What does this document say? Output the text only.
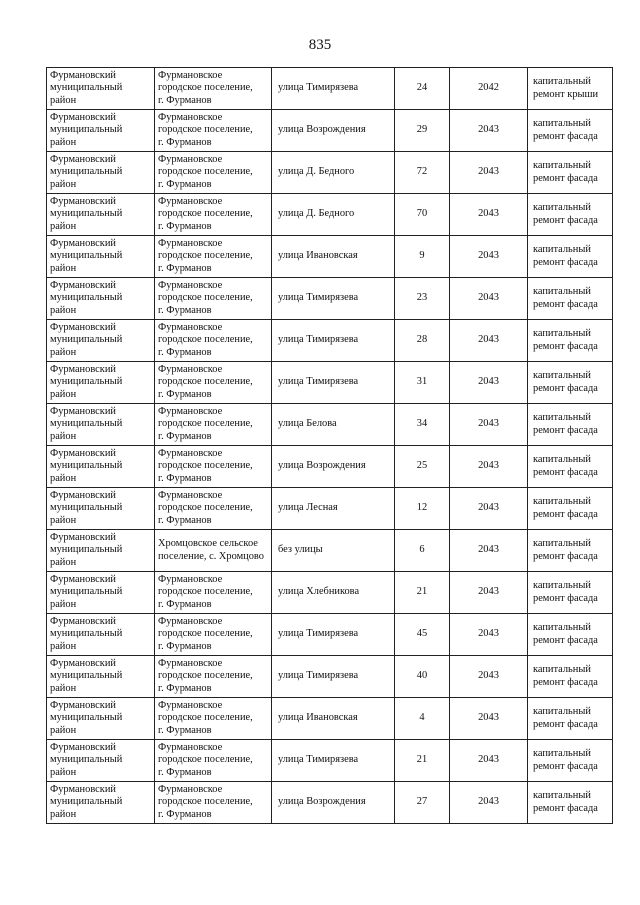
835
Фурмановский
муниципальный
район	Фурмановское
городское поселение,
г. Фурманов	улица Тимирязева	24	2042	капитальный
ремонт крыши
Фурмановский
муниципальный
район	Фурмановское
городское поселение,
г. Фурманов	улица Возрождения	29	2043	капитальный
ремонт фасада
Фурмановский
муниципальный
район	Фурмановское
городское поселение,
г. Фурманов	улица Д. Бедного	72	2043	капитальный
ремонт фасада
Фурмановский
муниципальный
район	Фурмановское
городское поселение,
г. Фурманов	улица Д. Бедного	70	2043	капитальный
ремонт фасада
Фурмановский
муниципальный
район	Фурмановское
городское поселение,
г. Фурманов	улица Ивановская	9	2043	капитальный
ремонт фасада
Фурмановский
муниципальный
район	Фурмановское
городское поселение,
г. Фурманов	улица Тимирязева	23	2043	капитальный
ремонт фасада
Фурмановский
муниципальный
район	Фурмановское
городское поселение,
г. Фурманов	улица Тимирязева	28	2043	капитальный
ремонт фасада
Фурмановский
муниципальный
район	Фурмановское
городское поселение,
г. Фурманов	улица Тимирязева	31	2043	капитальный
ремонт фасада
Фурмановский
муниципальный
район	Фурмановское
городское поселение,
г. Фурманов	улица Белова	34	2043	капитальный
ремонт фасада
Фурмановский
муниципальный
район	Фурмановское
городское поселение,
г. Фурманов	улица Возрождения	25	2043	капитальный
ремонт фасада
Фурмановский
муниципальный
район	Фурмановское
городское поселение,
г. Фурманов	улица Лесная	12	2043	капитальный
ремонт фасада
Фурмановский
муниципальный
район	Хромцовское сельское
поселение, с. Хромцово	без улицы	6	2043	капитальный
ремонт фасада
Фурмановский
муниципальный
район	Фурмановское
городское поселение,
г. Фурманов	улица Хлебникова	21	2043	капитальный
ремонт фасада
Фурмановский
муниципальный
район	Фурмановское
городское поселение,
г. Фурманов	улица Тимирязева	45	2043	капитальный
ремонт фасада
Фурмановский
муниципальный
район	Фурмановское
городское поселение,
г. Фурманов	улица Тимирязева	40	2043	капитальный
ремонт фасада
Фурмановский
муниципальный
район	Фурмановское
городское поселение,
г. Фурманов	улица Ивановская	4	2043	капитальный
ремонт фасада
Фурмановский
муниципальный
район	Фурмановское
городское поселение,
г. Фурманов	улица Тимирязева	21	2043	капитальный
ремонт фасада
Фурмановский
муниципальный
район	Фурмановское
городское поселение,
г. Фурманов	улица Возрождения	27	2043	капитальный
ремонт фасада
